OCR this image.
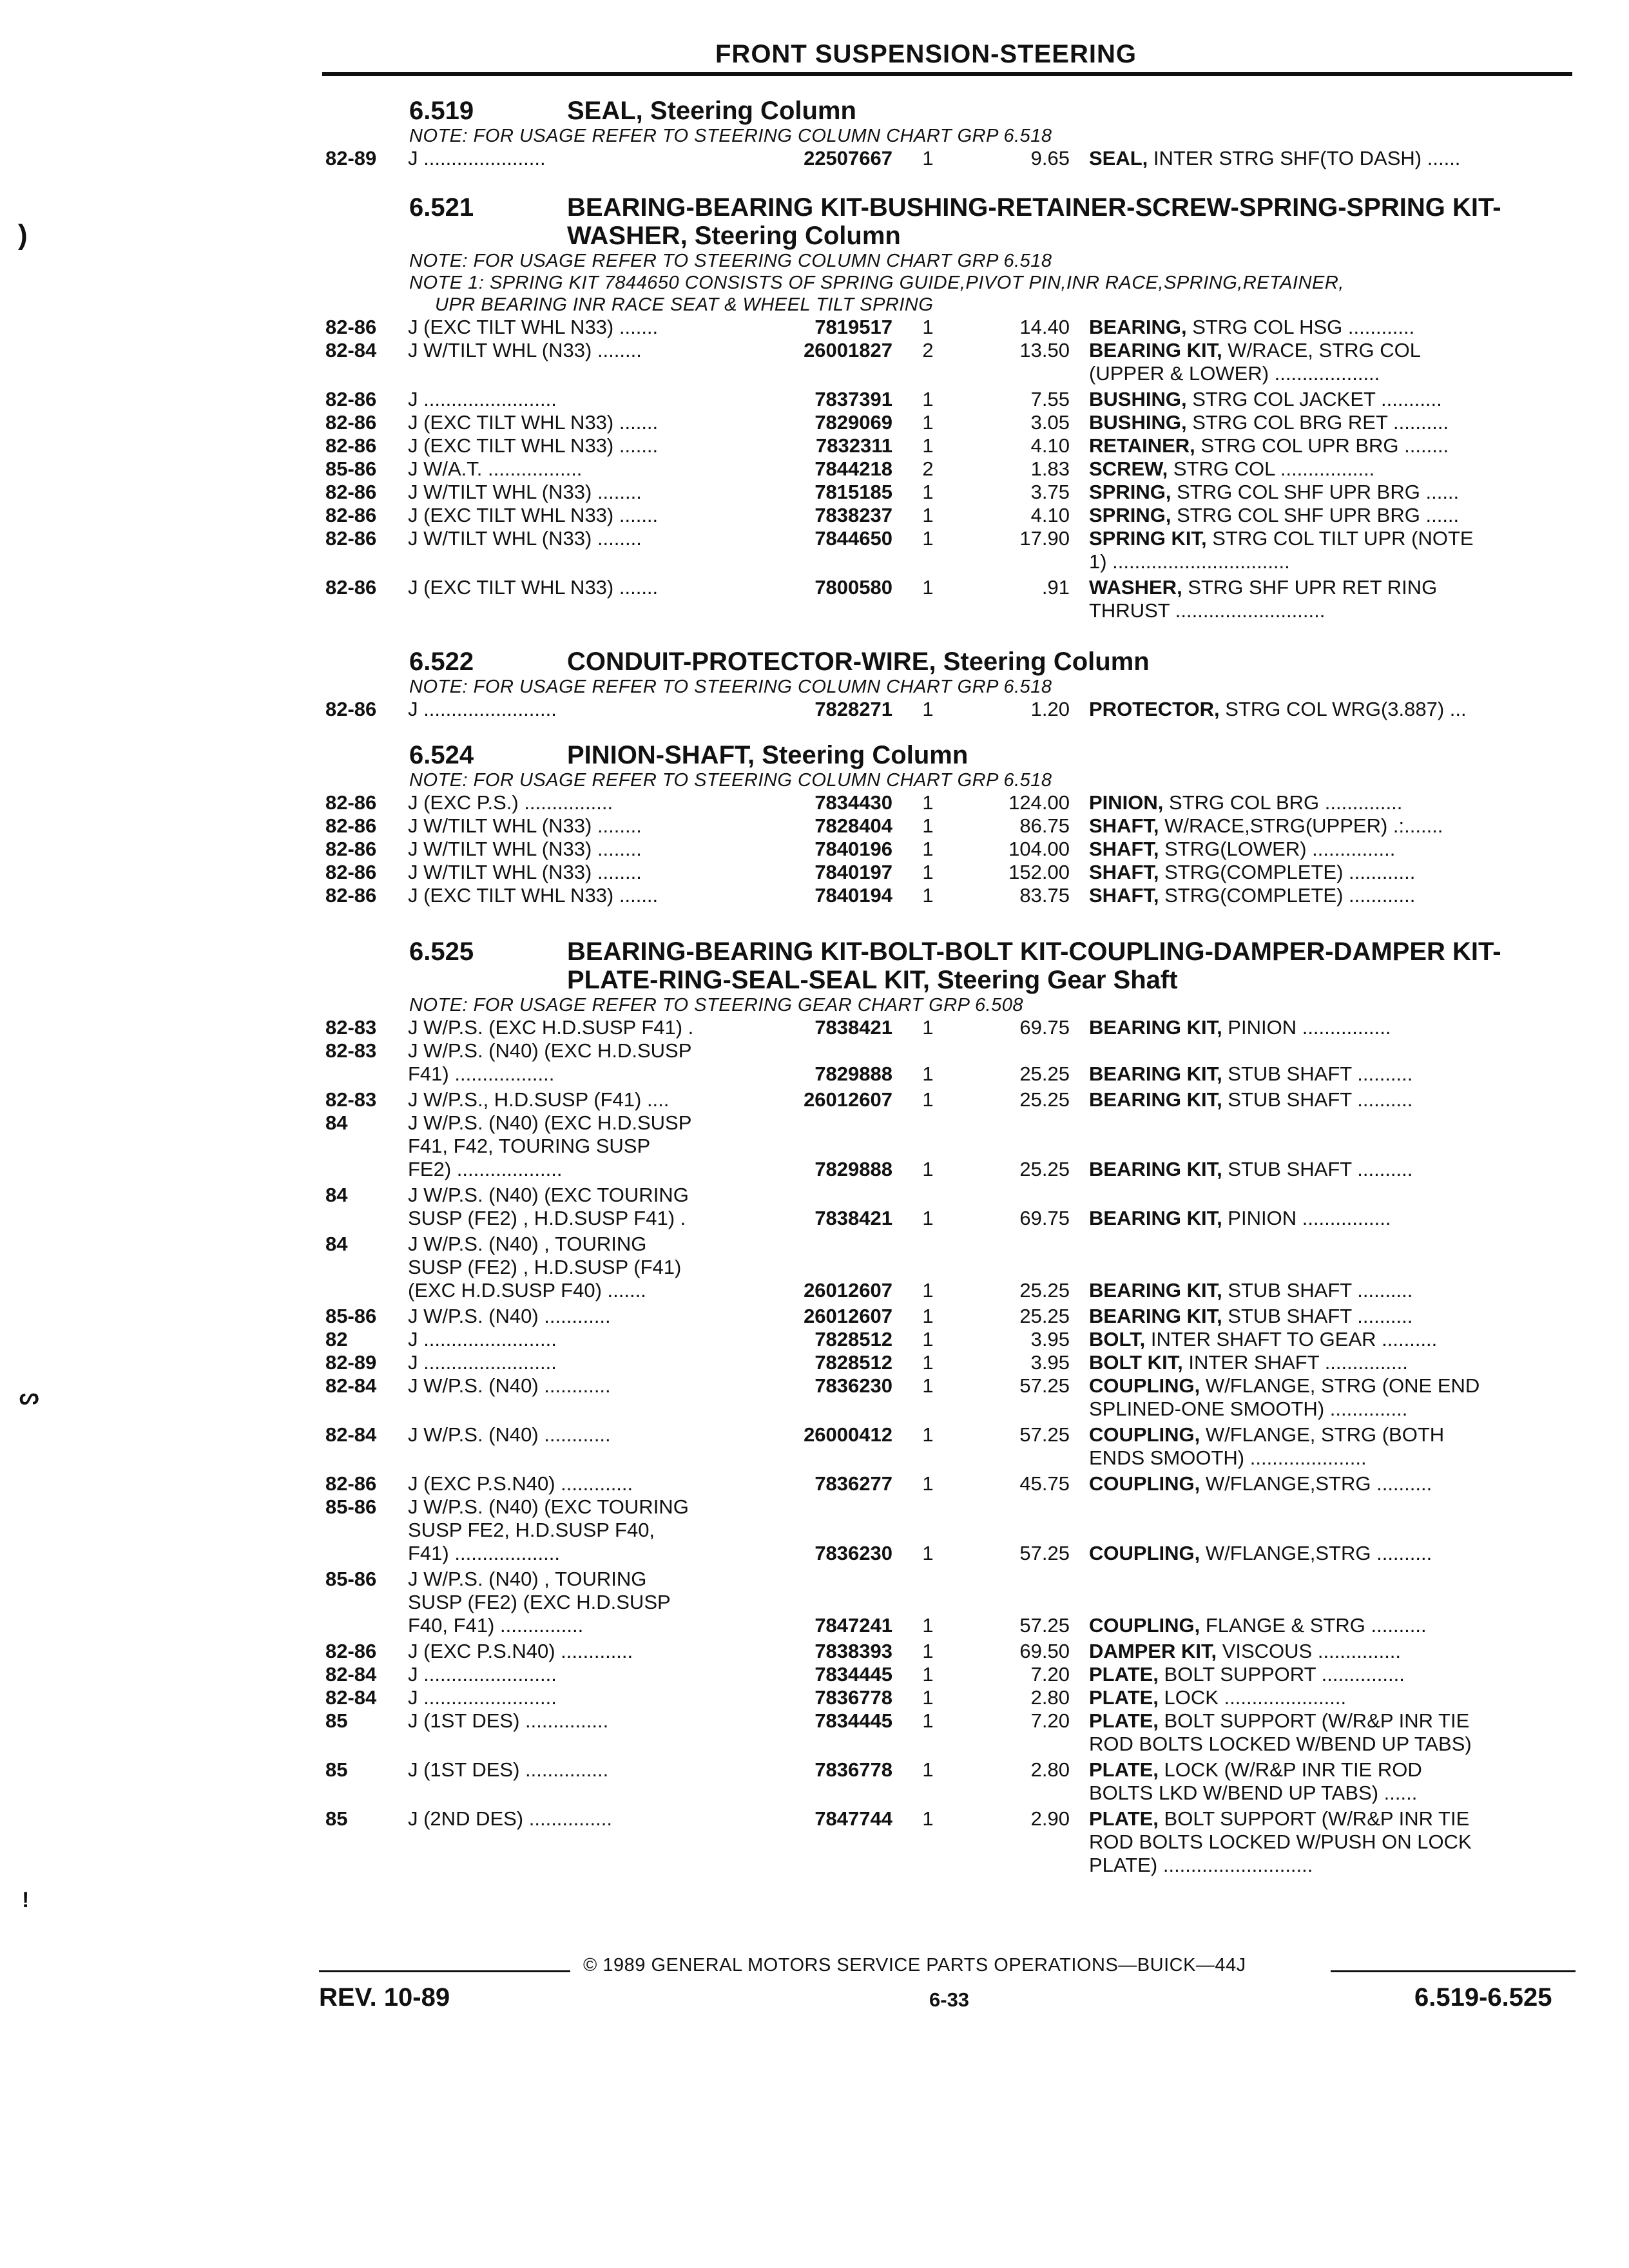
FRONT SUSPENSION-STEERING
6.519	SEAL, Steering Column
NOTE: FOR USAGE REFER TO STEERING COLUMN CHART GRP 6.518
82-89	J ......................	22507667	1	9.65 SEAL, INTER STRG SHF(TO DASH) ......
6.521	BEARING-BEARING KIT-BUSHING-RETAINER-SCREW-SPRING-SPRING KIT-WASHER, Steering Column
NOTE: FOR USAGE REFER TO STEERING COLUMN CHART GRP 6.518
NOTE 1: SPRING KIT 7844650 CONSISTS OF SPRING GUIDE,PIVOT PIN,INR RACE,SPRING,RETAINER,
UPR BEARING INR RACE SEAT & WHEEL TILT SPRING
82-86	J (EXC TILT WHL N33) .......	7819517	1	14.40 BEARING, STRG COL HSG ............
82-84	J W/TILT WHL (N33) ........	26001827	2	13.50 BEARING KIT, W/RACE, STRG COL
(UPPER & LOWER) ...................
82-86	J ........................	7837391	1	7.55 BUSHING, STRG COL JACKET ...........
82-86	J (EXC TILT WHL N33) .......	7829069	1	3.05 BUSHING, STRG COL BRG RET ..........
82-86	J (EXC TILT WHL N33) .......	7832311	1	4.10 RETAINER, STRG COL UPR BRG ........
85-86	J W/A.T. .................	7844218	2	1.83 SCREW, STRG COL .................
82-86	J W/TILT WHL (N33) ........	7815185	1	3.75 SPRING, STRG COL SHF UPR BRG ......
82-86	J (EXC TILT WHL N33) .......	7838237	1	4.10 SPRING, STRG COL SHF UPR BRG ......
82-86	J W/TILT WHL (N33) ........	7844650	1	17.90 SPRING KIT, STRG COL TILT UPR (NOTE
1) ................................
82-86	J (EXC TILT WHL N33) .......	7800580	1	.91 WASHER, STRG SHF UPR RET RING
THRUST ...........................
6.522	CONDUIT-PROTECTOR-WIRE, Steering Column
NOTE: FOR USAGE REFER TO STEERING COLUMN CHART GRP 6.518
82-86	J ........................	7828271	1	1.20 PROTECTOR, STRG COL WRG(3.887) ...
6.524	PINION-SHAFT, Steering Column
NOTE: FOR USAGE REFER TO STEERING COLUMN CHART GRP 6.518
82-86	J (EXC P.S.) ................	7834430	1	124.00 PINION, STRG COL BRG ..............
82-86	J W/TILT WHL (N33) ........	7828404	1	86.75 SHAFT, W/RACE,STRG(UPPER) .:.......
82-86	J W/TILT WHL (N33) ........	7840196	1	104.00 SHAFT, STRG(LOWER) ...............
82-86	J W/TILT WHL (N33) ........	7840197	1	152.00 SHAFT, STRG(COMPLETE) ............
82-86	J (EXC TILT WHL N33) .......	7840194	1	83.75 SHAFT, STRG(COMPLETE) ............
6.525	BEARING-BEARING KIT-BOLT-BOLT KIT-COUPLING-DAMPER-DAMPER KIT-PLATE-RING-SEAL-SEAL KIT, Steering Gear Shaft
NOTE: FOR USAGE REFER TO STEERING GEAR CHART GRP 6.508
82-83	J W/P.S. (EXC H.D.SUSP F41) .	7838421	1	69.75 BEARING KIT, PINION ................
82-83	J W/P.S. (N40) (EXC H.D.SUSP
F41) ..................	7829888	1	25.25 BEARING KIT, STUB SHAFT ..........
82-83	J W/P.S., H.D.SUSP (F41) ....	26012607	1	25.25 BEARING KIT, STUB SHAFT ..........
84	J W/P.S. (N40) (EXC H.D.SUSP
F41, F42, TOURING SUSP
FE2) ...................	7829888	1	25.25 BEARING KIT, STUB SHAFT ..........
84	J W/P.S. (N40) (EXC TOURING
SUSP (FE2) , H.D.SUSP F41) .	7838421	1	69.75 BEARING KIT, PINION ................
84	J W/P.S. (N40) , TOURING
SUSP (FE2) , H.D.SUSP (F41)
(EXC H.D.SUSP F40) .......	26012607	1	25.25 BEARING KIT, STUB SHAFT ..........
85-86	J W/P.S. (N40) ............	26012607	1	25.25 BEARING KIT, STUB SHAFT ..........
82	J ........................	7828512	1	3.95 BOLT, INTER SHAFT TO GEAR ..........
82-89	J ........................	7828512	1	3.95 BOLT KIT, INTER SHAFT ...............
82-84	J W/P.S. (N40) ............	7836230	1	57.25 COUPLING, W/FLANGE, STRG (ONE END
SPLINED-ONE SMOOTH) ..............
82-84	J W/P.S. (N40) ............	26000412	1	57.25 COUPLING, W/FLANGE, STRG (BOTH
ENDS SMOOTH) .....................
82-86	J (EXC P.S.N40) .............	7836277	1	45.75 COUPLING, W/FLANGE,STRG ..........
85-86	J W/P.S. (N40) (EXC TOURING
SUSP FE2, H.D.SUSP F40,
F41) ...................	7836230	1	57.25 COUPLING, W/FLANGE,STRG ..........
85-86	J W/P.S. (N40) , TOURING
SUSP (FE2) (EXC H.D.SUSP
F40, F41) ...............	7847241	1	57.25 COUPLING, FLANGE & STRG ..........
82-86	J (EXC P.S.N40) .............	7838393	1	69.50 DAMPER KIT, VISCOUS ...............
82-84	J ........................	7834445	1	7.20 PLATE, BOLT SUPPORT ...............
82-84	J ........................	7836778	1	2.80 PLATE, LOCK ......................
85	J (1ST DES) ...............	7834445	1	7.20 PLATE, BOLT SUPPORT (W/R&P INR TIE
ROD BOLTS LOCKED W/BEND UP TABS)
85	J (1ST DES) ...............	7836778	1	2.80 PLATE, LOCK (W/R&P INR TIE ROD
BOLTS LKD W/BEND UP TABS) ......
85	J (2ND DES) ...............	7847744	1	2.90 PLATE, BOLT SUPPORT (W/R&P INR TIE
ROD BOLTS LOCKED W/PUSH ON LOCK
PLATE) ...........................
© 1989 GENERAL MOTORS SERVICE PARTS OPERATIONS—BUICK—44J
REV. 10-89	6-33	6.519-6.525
)
ᔕ
!
